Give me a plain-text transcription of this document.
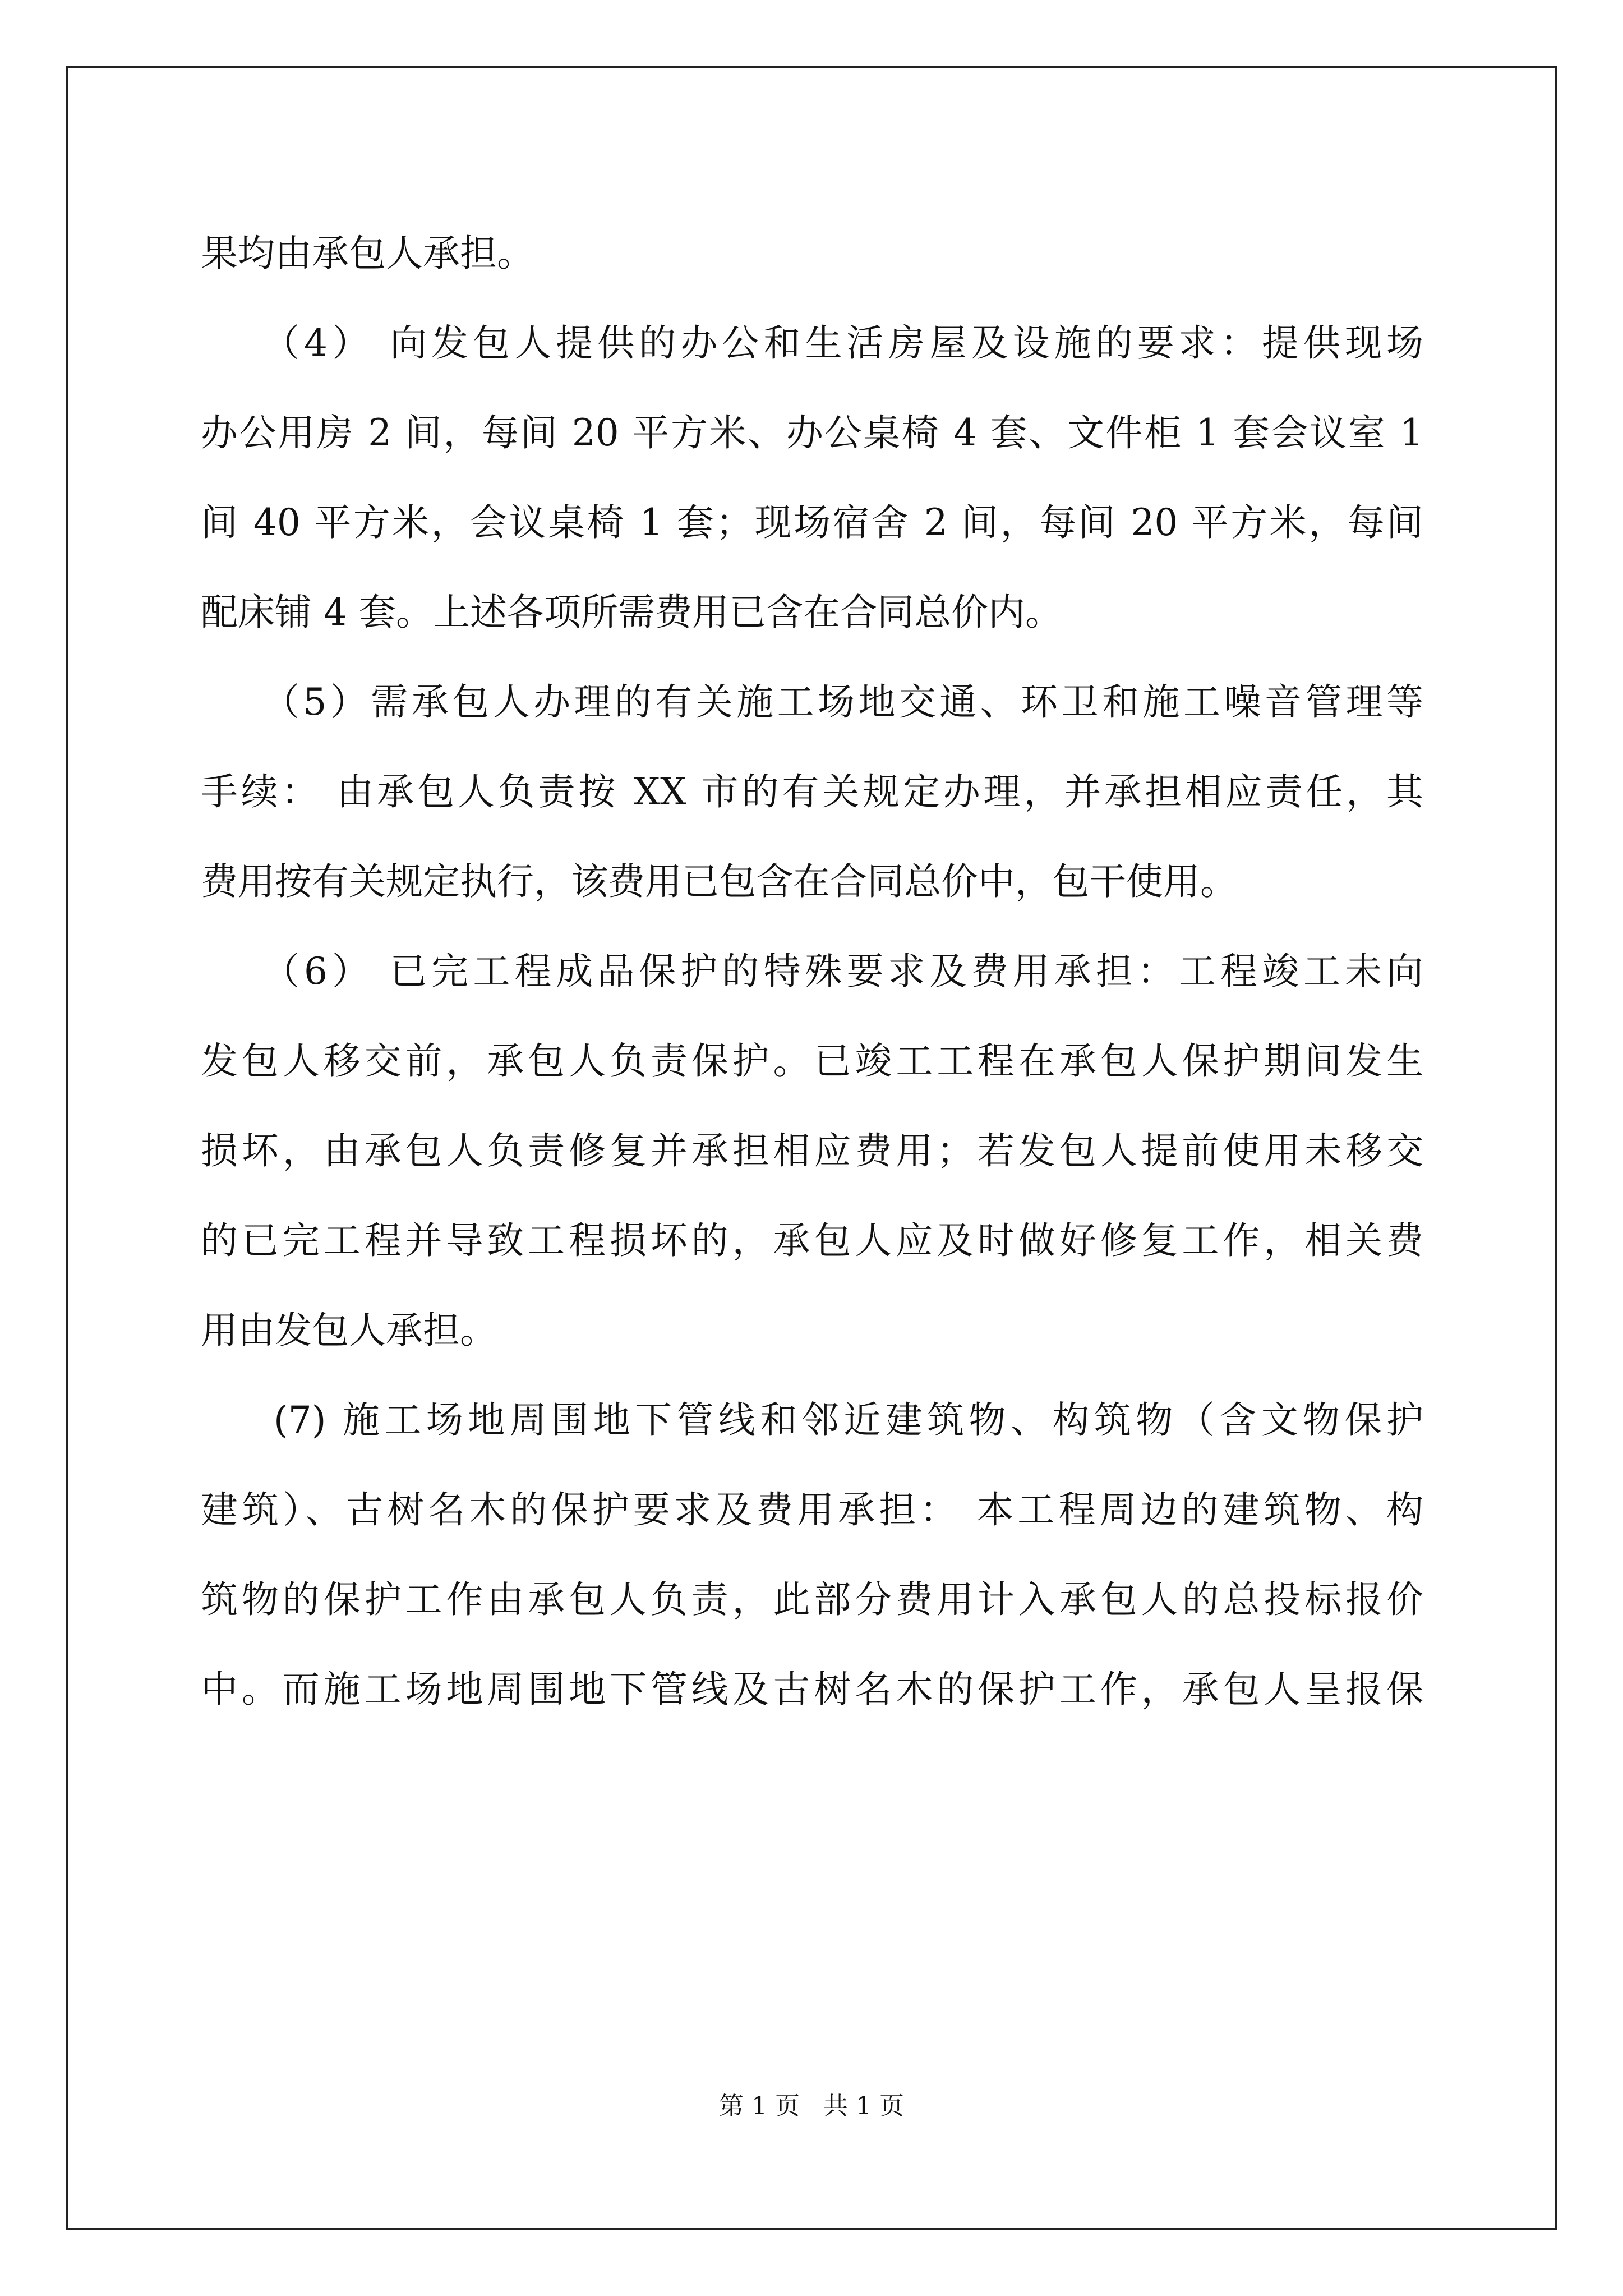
果均由承包人承担。
（4） 向发包人提供的办公和生活房屋及设施的要求：提供现场
办公用房 2 间，每间 20 平方米、办公桌椅 4 套、文件柜 1 套会议室 1
间 40 平方米，会议桌椅 1 套；现场宿舍 2 间，每间 20 平方米，每间
配床铺 4 套。上述各项所需费用已含在合同总价内。
（5）需承包人办理的有关施工场地交通、环卫和施工噪音管理等
手续： 由承包人负责按 XX 市的有关规定办理，并承担相应责任，其
费用按有关规定执行，该费用已包含在合同总价中，包干使用。
（6） 已完工程成品保护的特殊要求及费用承担：工程竣工未向
发包人移交前，承包人负责保护。已竣工工程在承包人保护期间发生
损坏，由承包人负责修复并承担相应费用；若发包人提前使用未移交
的已完工程并导致工程损坏的，承包人应及时做好修复工作，相关费
用由发包人承担。
(7) 施工场地周围地下管线和邻近建筑物、构筑物（含文物保护
建筑）、古树名木的保护要求及费用承担： 本工程周边的建筑物、构
筑物的保护工作由承包人负责，此部分费用计入承包人的总投标报价
中。而施工场地周围地下管线及古树名木的保护工作，承包人呈报保
第 1 页   共 1 页
